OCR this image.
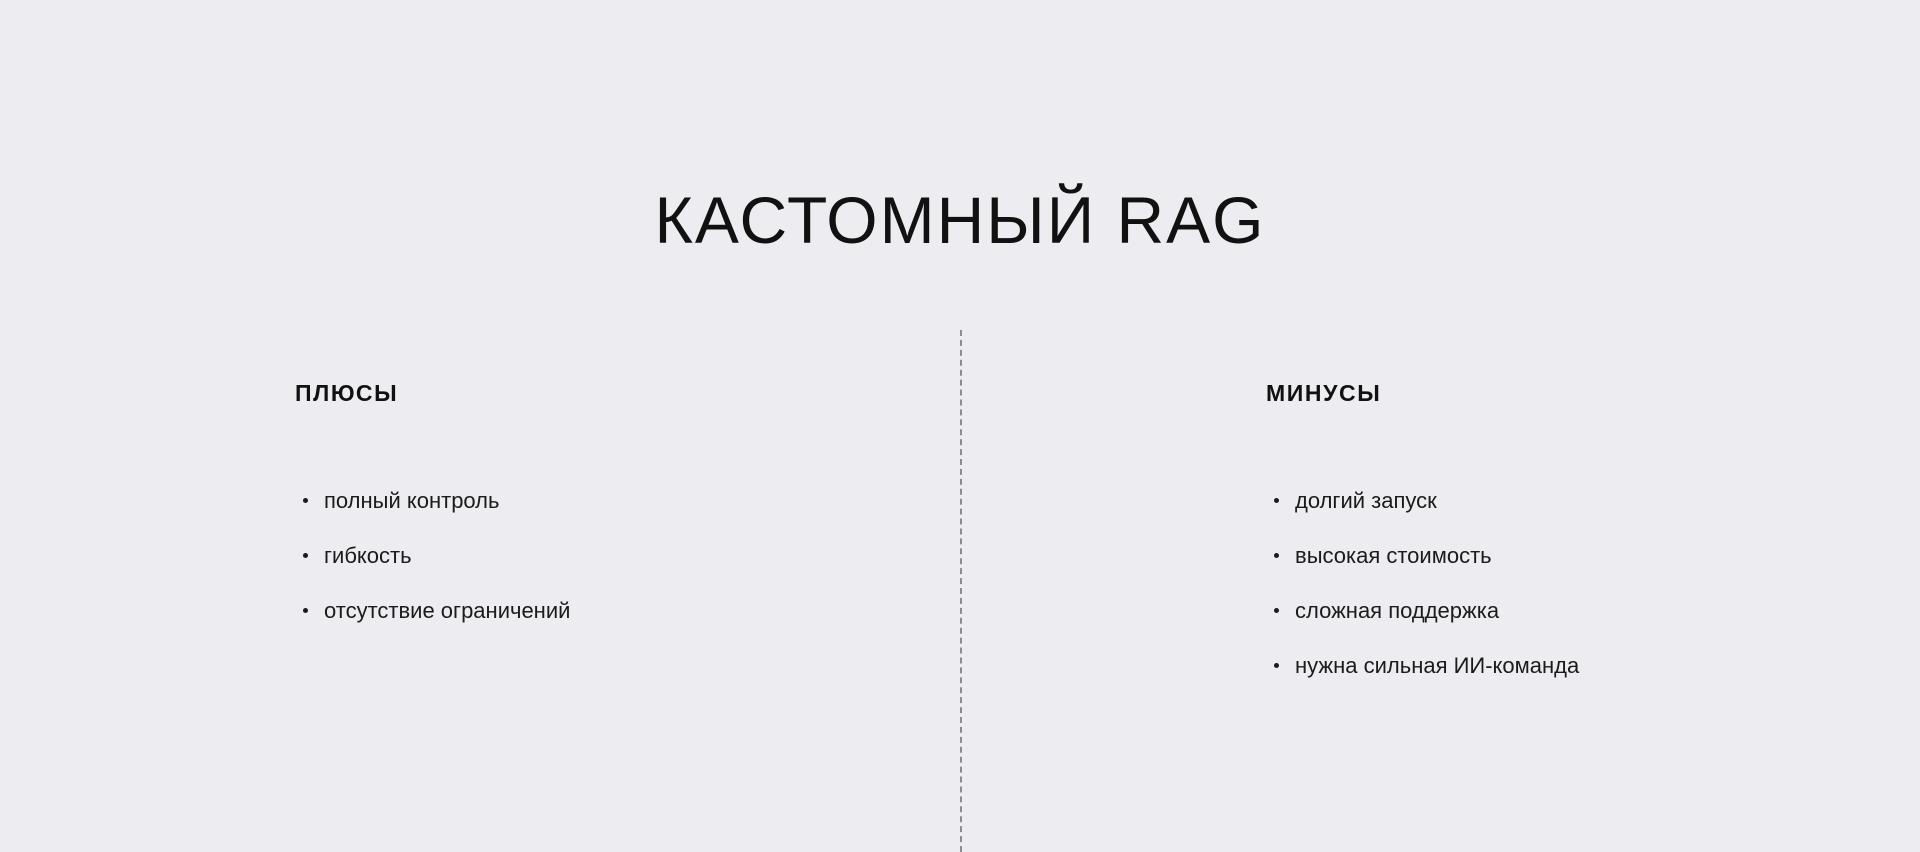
КАСТОМНЫЙ RAG
ПЛЮСЫ
полный контроль
гибкость
отсутствие ограничений
МИНУСЫ
долгий запуск
высокая стоимость
сложная поддержка
нужна сильная ИИ-команда
